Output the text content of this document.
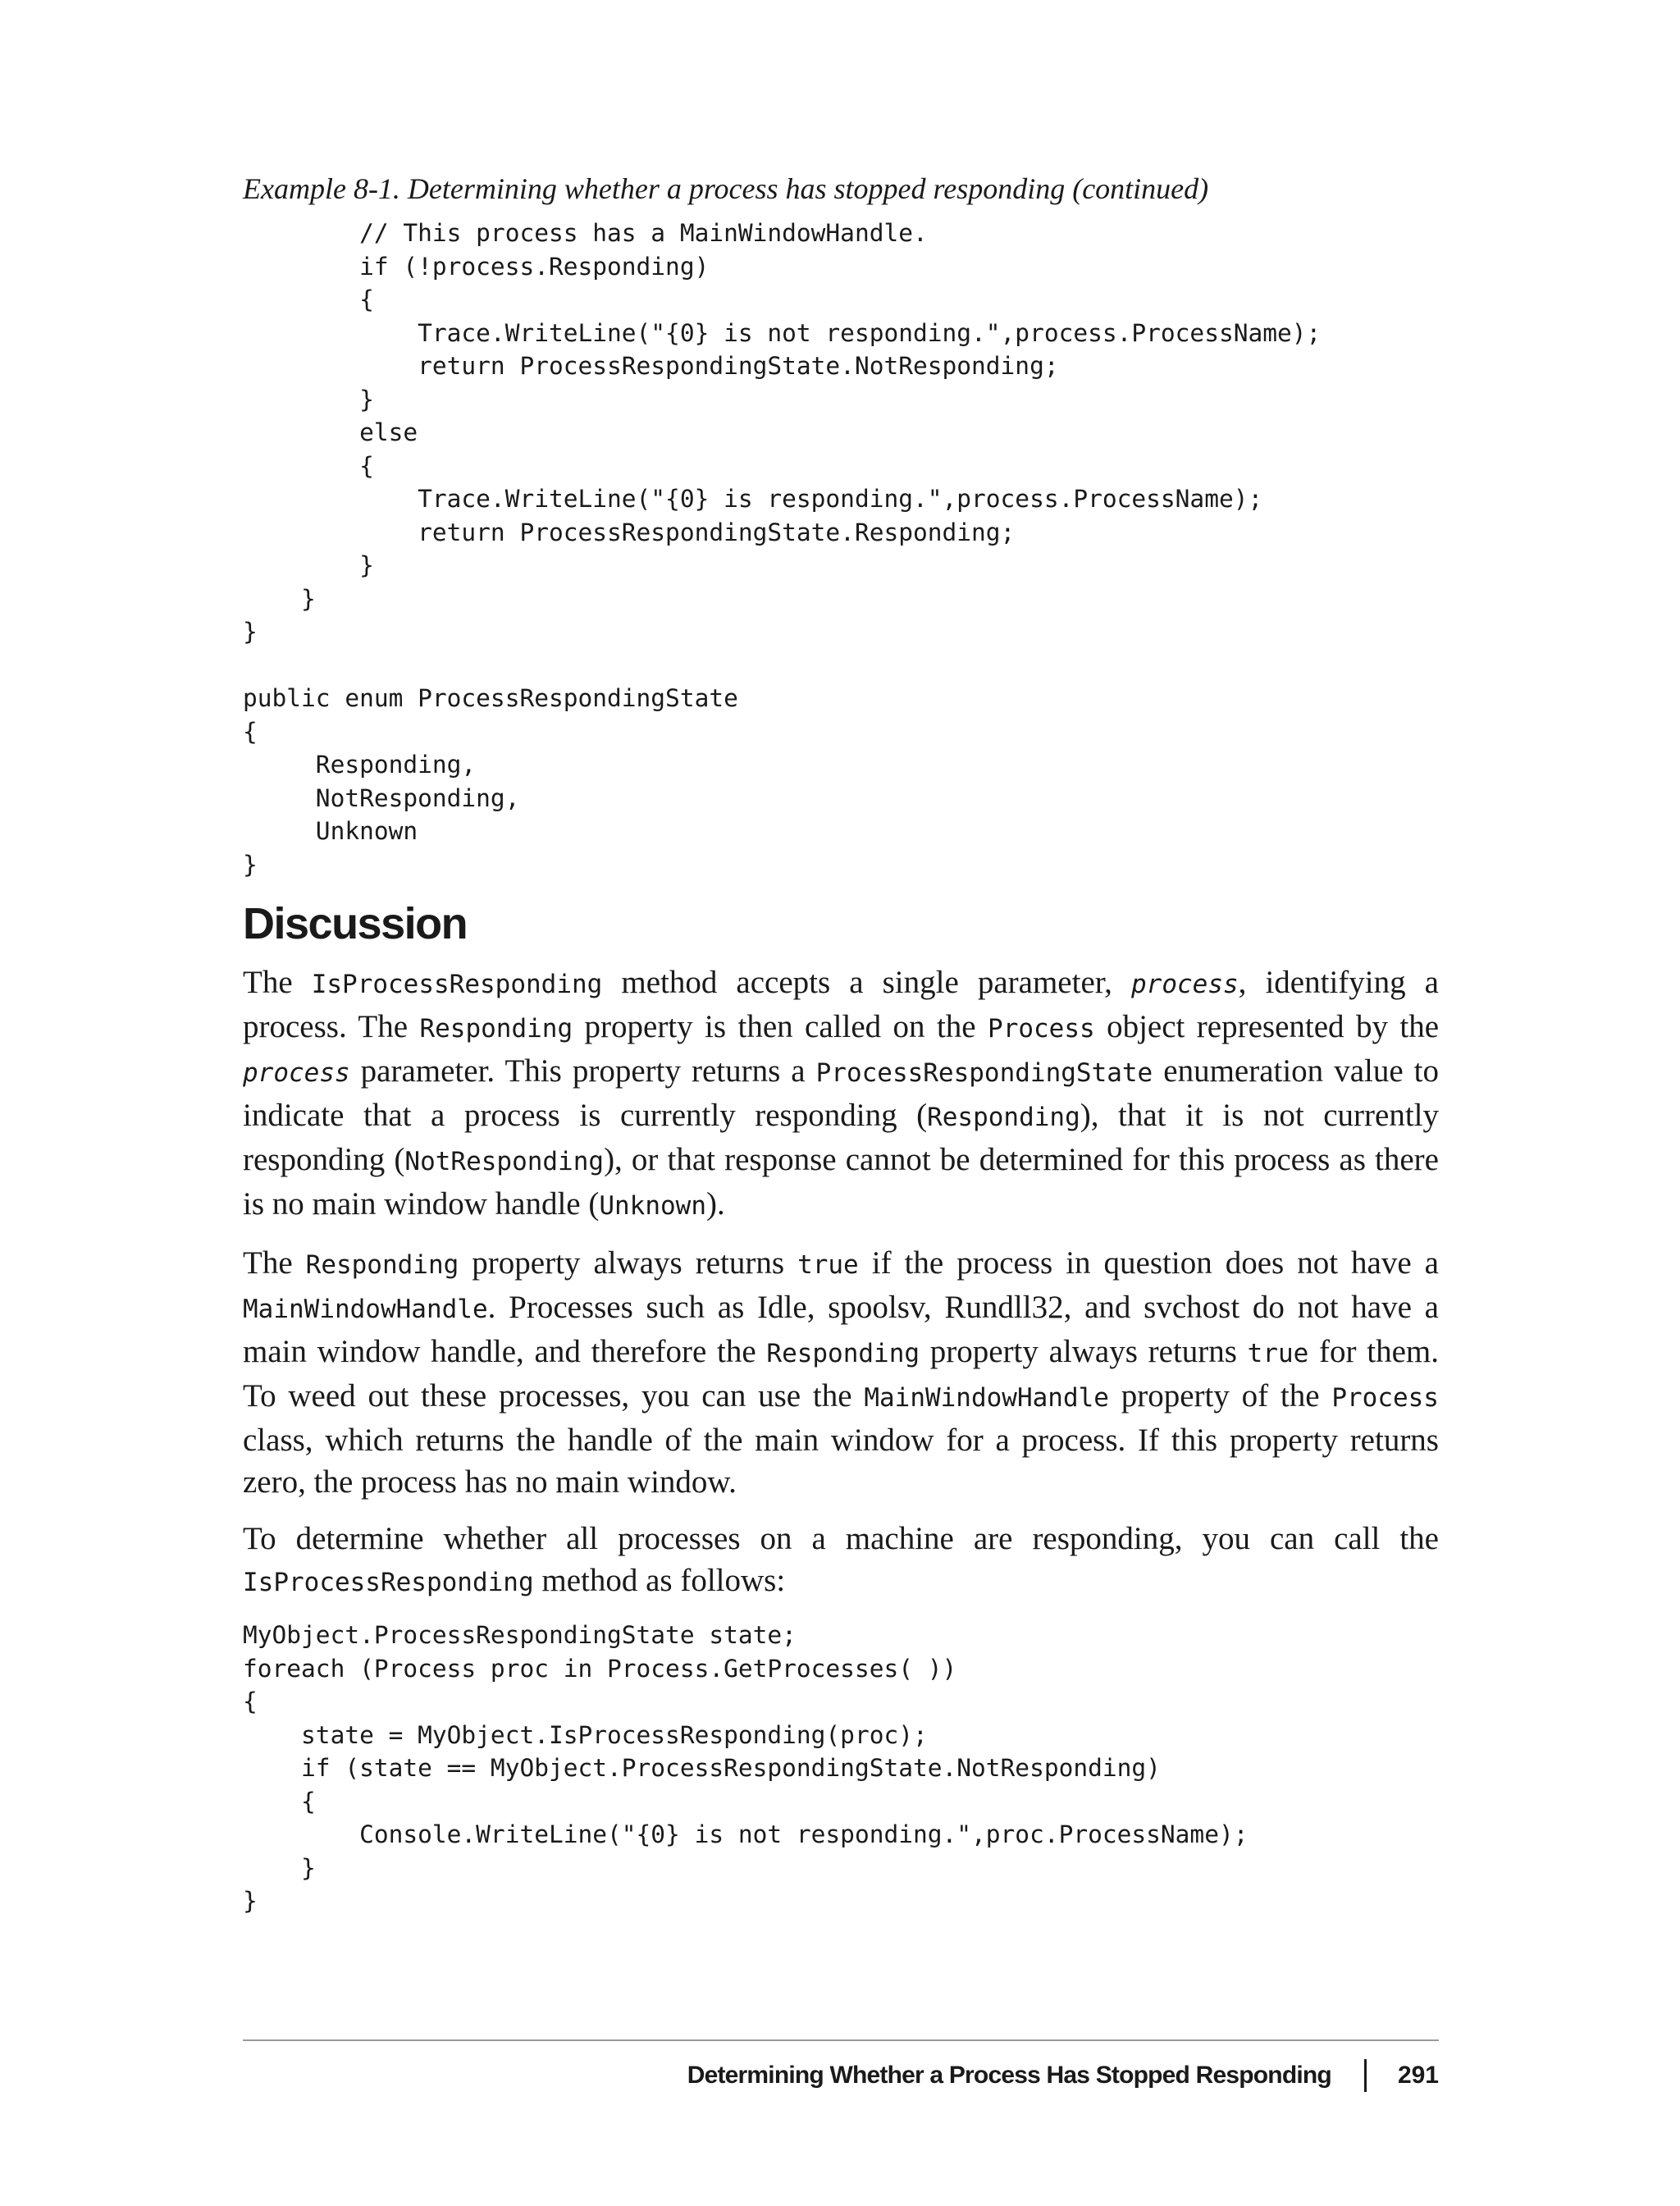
Example 8-1. Determining whether a process has stopped responding (continued)
// This process has a MainWindowHandle.
if (!process.Responding)
{
Trace.WriteLine("{0} is not responding.",process.ProcessName);
return ProcessRespondingState.NotResponding;
}
else
{
Trace.WriteLine("{0} is responding.",process.ProcessName);
return ProcessRespondingState.Responding;
}
}
}

public enum ProcessRespondingState
{
Responding,
NotResponding,
Unknown
}
Discussion

The IsProcessResponding method accepts a single parameter, process, identifying a process. The Responding property is then called on the Process object represented by the process parameter. This property returns a ProcessRespondingState enumeration value to indicate that a process is currently responding (Responding), that it is not currently responding (NotResponding), or that response cannot be determined for this process as there is no main window handle (Unknown).

The Responding property always returns true if the process in question does not have a MainWindowHandle. Processes such as Idle, spoolsv, Rundll32, and svchost do not have a main window handle, and therefore the Responding property always returns true for them. To weed out these processes, you can use the MainWindowHandle property of the Process class, which returns the handle of the main window for a process. If this property returns zero, the process has no main window.

To determine whether all processes on a machine are responding, you can call the IsProcessResponding method as follows:

MyObject.ProcessRespondingState state;
foreach (Process proc in Process.GetProcesses( ))
{
state = MyObject.IsProcessResponding(proc);
if (state == MyObject.ProcessRespondingState.NotResponding)
{
Console.WriteLine("{0} is not responding.",proc.ProcessName);
}
}
Determining Whether a Process Has Stopped Responding	291
